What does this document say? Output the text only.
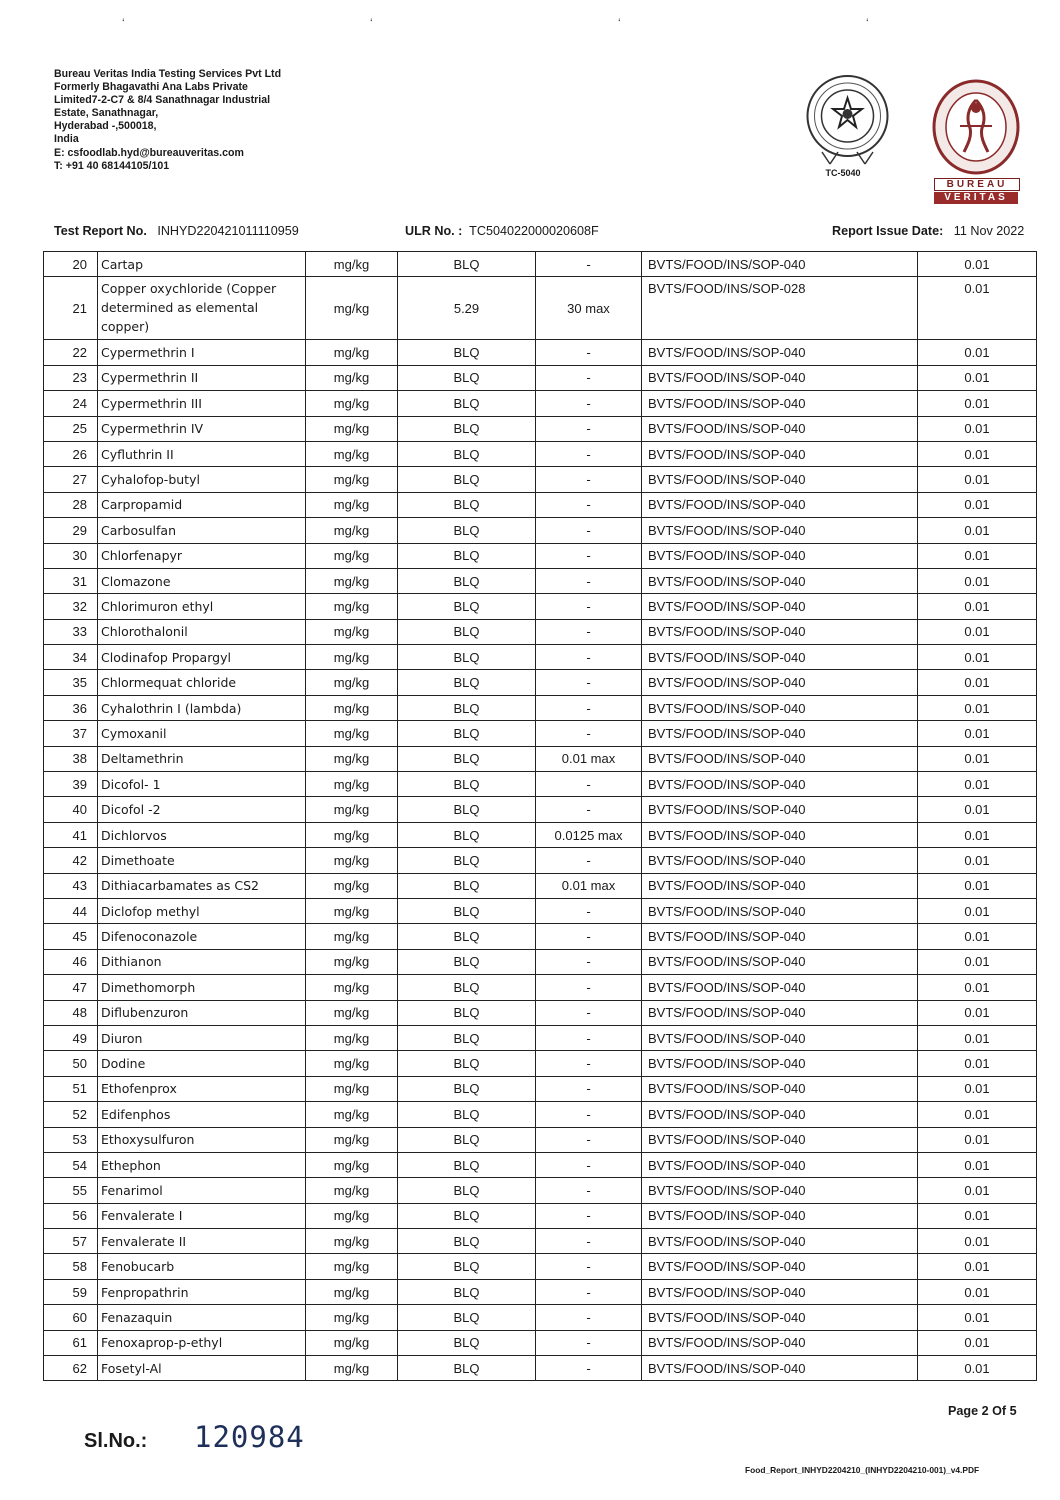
‘	‘	‘	‘
Bureau Veritas India Testing Services Pvt Ltd
Formerly Bhagavathi Ana Labs Private
Limited7-2-C7 & 8/4 Sanathnagar Industrial
Estate, Sanathnagar,
Hyderabad -,500018,
India
E: csfoodlab.hyd@bureauveritas.com
T: +91 40 68144105/101
TC-5040
BUREAU
VERITAS
Test Report No. INHYD220421011110959	ULR No. : TC504022000020608F	Report Issue Date: 11 Nov 2022
20	Cartap	mg/kg	BLQ	-	BVTS/FOOD/INS/SOP-040	0.01
21	Copper oxychloride (Copper determined as elemental copper)	mg/kg	5.29	30 max	BVTS/FOOD/INS/SOP-028	0.01
22	Cypermethrin I	mg/kg	BLQ	-	BVTS/FOOD/INS/SOP-040	0.01
23	Cypermethrin II	mg/kg	BLQ	-	BVTS/FOOD/INS/SOP-040	0.01
24	Cypermethrin III	mg/kg	BLQ	-	BVTS/FOOD/INS/SOP-040	0.01
25	Cypermethrin IV	mg/kg	BLQ	-	BVTS/FOOD/INS/SOP-040	0.01
26	Cyfluthrin II	mg/kg	BLQ	-	BVTS/FOOD/INS/SOP-040	0.01
27	Cyhalofop-butyl	mg/kg	BLQ	-	BVTS/FOOD/INS/SOP-040	0.01
28	Carpropamid	mg/kg	BLQ	-	BVTS/FOOD/INS/SOP-040	0.01
29	Carbosulfan	mg/kg	BLQ	-	BVTS/FOOD/INS/SOP-040	0.01
30	Chlorfenapyr	mg/kg	BLQ	-	BVTS/FOOD/INS/SOP-040	0.01
31	Clomazone	mg/kg	BLQ	-	BVTS/FOOD/INS/SOP-040	0.01
32	Chlorimuron ethyl	mg/kg	BLQ	-	BVTS/FOOD/INS/SOP-040	0.01
33	Chlorothalonil	mg/kg	BLQ	-	BVTS/FOOD/INS/SOP-040	0.01
34	Clodinafop Propargyl	mg/kg	BLQ	-	BVTS/FOOD/INS/SOP-040	0.01
35	Chlormequat chloride	mg/kg	BLQ	-	BVTS/FOOD/INS/SOP-040	0.01
36	Cyhalothrin I (lambda)	mg/kg	BLQ	-	BVTS/FOOD/INS/SOP-040	0.01
37	Cymoxanil	mg/kg	BLQ	-	BVTS/FOOD/INS/SOP-040	0.01
38	Deltamethrin	mg/kg	BLQ	0.01 max	BVTS/FOOD/INS/SOP-040	0.01
39	Dicofol- 1	mg/kg	BLQ	-	BVTS/FOOD/INS/SOP-040	0.01
40	Dicofol -2	mg/kg	BLQ	-	BVTS/FOOD/INS/SOP-040	0.01
41	Dichlorvos	mg/kg	BLQ	0.0125 max	BVTS/FOOD/INS/SOP-040	0.01
42	Dimethoate	mg/kg	BLQ	-	BVTS/FOOD/INS/SOP-040	0.01
43	Dithiacarbamates as CS2	mg/kg	BLQ	0.01 max	BVTS/FOOD/INS/SOP-040	0.01
44	Diclofop methyl	mg/kg	BLQ	-	BVTS/FOOD/INS/SOP-040	0.01
45	Difenoconazole	mg/kg	BLQ	-	BVTS/FOOD/INS/SOP-040	0.01
46	Dithianon	mg/kg	BLQ	-	BVTS/FOOD/INS/SOP-040	0.01
47	Dimethomorph	mg/kg	BLQ	-	BVTS/FOOD/INS/SOP-040	0.01
48	Diflubenzuron	mg/kg	BLQ	-	BVTS/FOOD/INS/SOP-040	0.01
49	Diuron	mg/kg	BLQ	-	BVTS/FOOD/INS/SOP-040	0.01
50	Dodine	mg/kg	BLQ	-	BVTS/FOOD/INS/SOP-040	0.01
51	Ethofenprox	mg/kg	BLQ	-	BVTS/FOOD/INS/SOP-040	0.01
52	Edifenphos	mg/kg	BLQ	-	BVTS/FOOD/INS/SOP-040	0.01
53	Ethoxysulfuron	mg/kg	BLQ	-	BVTS/FOOD/INS/SOP-040	0.01
54	Ethephon	mg/kg	BLQ	-	BVTS/FOOD/INS/SOP-040	0.01
55	Fenarimol	mg/kg	BLQ	-	BVTS/FOOD/INS/SOP-040	0.01
56	Fenvalerate I	mg/kg	BLQ	-	BVTS/FOOD/INS/SOP-040	0.01
57	Fenvalerate II	mg/kg	BLQ	-	BVTS/FOOD/INS/SOP-040	0.01
58	Fenobucarb	mg/kg	BLQ	-	BVTS/FOOD/INS/SOP-040	0.01
59	Fenpropathrin	mg/kg	BLQ	-	BVTS/FOOD/INS/SOP-040	0.01
60	Fenazaquin	mg/kg	BLQ	-	BVTS/FOOD/INS/SOP-040	0.01
61	Fenoxaprop-p-ethyl	mg/kg	BLQ	-	BVTS/FOOD/INS/SOP-040	0.01
62	Fosetyl-Al	mg/kg	BLQ	-	BVTS/FOOD/INS/SOP-040	0.01
Page 2 Of 5
Sl.No.: 120984
Food_Report_INHYD2204210_(INHYD2204210-001)_v4.PDF
